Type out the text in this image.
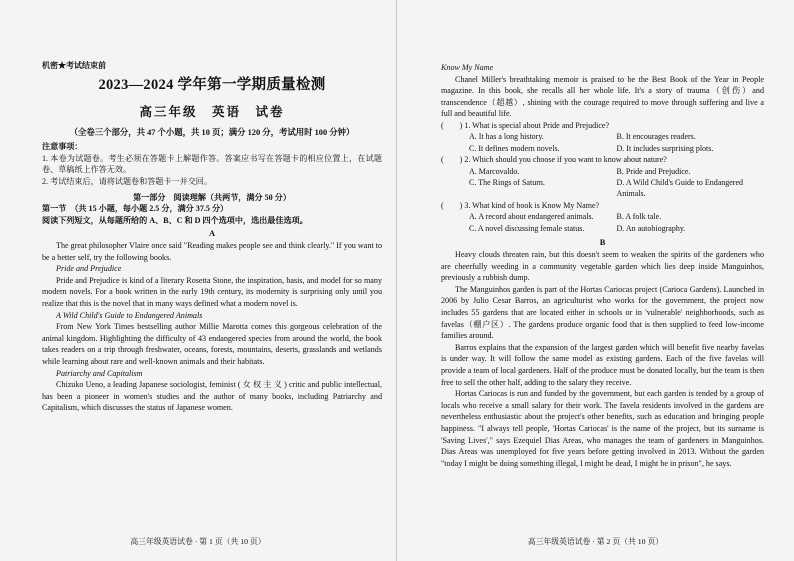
机密★考试结束前

2023—2024 学年第一学期质量检测

高三年级　英语　试卷

（全卷三个部分，共 47 个小题，共 10 页；满分 120 分，考试用时 100 分钟）

注意事项：

1. 本卷为试题卷。考生必须在答题卡上解题作答。答案应书写在答题卡的相应位置上，在试题卷、草稿纸上作答无效。

2. 考试结束后，请将试题卷和答题卡一并交回。

第一部分　阅读理解（共两节，满分 50 分）

第一节　（共 15 小题，每小题 2.5 分，满分 37.5 分）

阅读下列短文，从每题所给的 A、B、C 和 D 四个选项中，选出最佳选项。

A

The great philosopher Vlaire once said "Reading makes people see and think clearly." If you want to be a better self, try the following books.

Pride and Prejudice

Pride and Prejudice is kind of a literary Rosetta Stone, the inspiration, basis, and model for so many modern novels. For a book written in the early 19th century, its modernity is surprising only until you realize that this is the novel that in many ways defined what a modern novel is.

A Wild Child's Guide to Endangered Animals

From New York Times bestselling author Millie Marotta comes this gorgeous celebration of the animal kingdom. Highlighting the difficulty of 43 endangered species from around the world, the book takes readers on a trip through freshwater, oceans, forests, mountains, deserts, grasslands and wetlands while learning about rare and well-known animals and their habitats.

Patriarchy and Capitalism

Chizuko Ueno, a leading Japanese sociologist, feminist ( 女 权 主 义 ) critic and public intellectual, has been a pioneer in women's studies and the author of many books, including Patriarchy and Capitalism, which discusses the status of Japanese women.

高三年级英语试卷 · 第 1 页（共 10 页）

Know My Name

Chanel Miller's breathtaking memoir is praised to be the Best Book of the Year in People magazine. In this book, she recalls all her whole life. It's a story of trauma（创伤）and transcendence（超越）, shining with the courage required to move through suffering and live a full and beautiful life.

(　　) 1. What is special about Pride and Prejudice?

A. It has a long history.	B. It encourages readers.
C. It defines modern novels.	D. It includes surprising plots.

(　　) 2. Which should you choose if you want to know about nature?

A. Marcovaldo.	B. Pride and Prejudice.
C. The Rings of Saturn.	D. A Wild Child's Guide to Endangered Animals.

(　　) 3. What kind of book is Know My Name?

A. A record about endangered animals.	B. A folk tale.
C. A novel discussing female status.	D. An autobiography.

B

Heavy clouds threaten rain, but this doesn't seem to weaken the spirits of the gardeners who are cheerfully weeding in a community vegetable garden which lies deep inside Manguinhos, previously a rubbish dump.

The Manguinhos garden is part of the Hortas Cariocas project (Carioca Gardens). Launched in 2006 by Julio Cesar Barros, an agriculturist who works for the government, the project now includes 55 gardens that are located either in schools or in 'vulnerable' neighborhoods, such as favelas（棚户区）. The gardens produce organic food that is then supplied to feed low-income families around.

Barros explains that the expansion of the largest garden which will benefit five nearby favelas is under way. It will follow the same model as existing gardens. Each of the five favelas will provide a team of local gardeners. Half of the produce must be donated locally, but the team is then free to sell the other half, adding to the salary they receive.

Hortas Cariocas is run and funded by the government, but each garden is tended by a group of locals who receive a small salary for their work. The favela residents involved in the gardens are nevertheless enthusiastic about the project's other benefits, such as education and bringing people happiness. "I always tell people, 'Hortas Cariocas' is the name of the project, but its surname is 'Saving Lives'," says Ezequiel Dias Areas, who manages the team of gardeners in Manguinhos. Dias Areas was unemployed for five years before getting involved in 2013. Without the garden "today I might be doing something illegal, I might be dead, I might be in prison", he says.

高三年级英语试卷 · 第 2 页（共 10 页）
